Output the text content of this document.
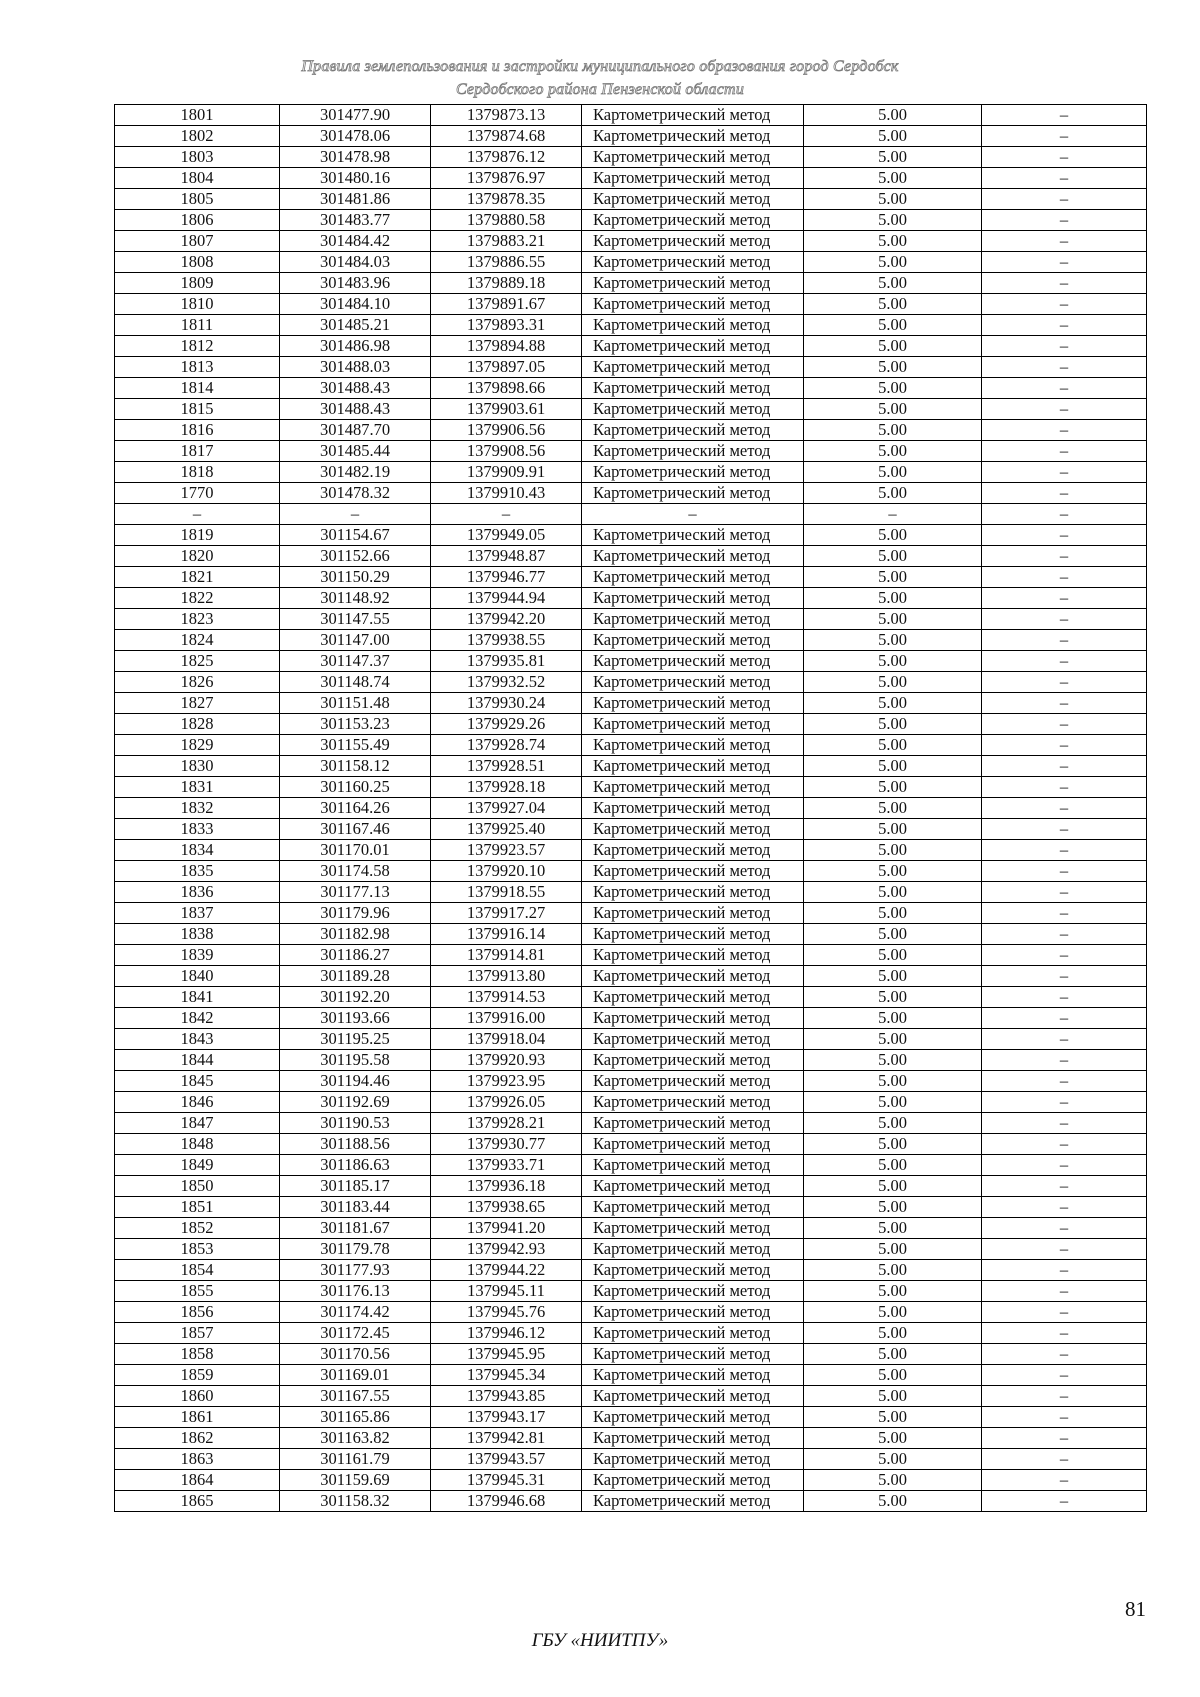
Правила землепользования и застройки муниципального образования город Сердобск
Сердобского района Пензенской области
1801	301477.90	1379873.13	Картометрический метод	5.00	–
1802	301478.06	1379874.68	Картометрический метод	5.00	–
1803	301478.98	1379876.12	Картометрический метод	5.00	–
1804	301480.16	1379876.97	Картометрический метод	5.00	–
1805	301481.86	1379878.35	Картометрический метод	5.00	–
1806	301483.77	1379880.58	Картометрический метод	5.00	–
1807	301484.42	1379883.21	Картометрический метод	5.00	–
1808	301484.03	1379886.55	Картометрический метод	5.00	–
1809	301483.96	1379889.18	Картометрический метод	5.00	–
1810	301484.10	1379891.67	Картометрический метод	5.00	–
1811	301485.21	1379893.31	Картометрический метод	5.00	–
1812	301486.98	1379894.88	Картометрический метод	5.00	–
1813	301488.03	1379897.05	Картометрический метод	5.00	–
1814	301488.43	1379898.66	Картометрический метод	5.00	–
1815	301488.43	1379903.61	Картометрический метод	5.00	–
1816	301487.70	1379906.56	Картометрический метод	5.00	–
1817	301485.44	1379908.56	Картометрический метод	5.00	–
1818	301482.19	1379909.91	Картометрический метод	5.00	–
1770	301478.32	1379910.43	Картометрический метод	5.00	–
–	–	–	–	–	–
1819	301154.67	1379949.05	Картометрический метод	5.00	–
1820	301152.66	1379948.87	Картометрический метод	5.00	–
1821	301150.29	1379946.77	Картометрический метод	5.00	–
1822	301148.92	1379944.94	Картометрический метод	5.00	–
1823	301147.55	1379942.20	Картометрический метод	5.00	–
1824	301147.00	1379938.55	Картометрический метод	5.00	–
1825	301147.37	1379935.81	Картометрический метод	5.00	–
1826	301148.74	1379932.52	Картометрический метод	5.00	–
1827	301151.48	1379930.24	Картометрический метод	5.00	–
1828	301153.23	1379929.26	Картометрический метод	5.00	–
1829	301155.49	1379928.74	Картометрический метод	5.00	–
1830	301158.12	1379928.51	Картометрический метод	5.00	–
1831	301160.25	1379928.18	Картометрический метод	5.00	–
1832	301164.26	1379927.04	Картометрический метод	5.00	–
1833	301167.46	1379925.40	Картометрический метод	5.00	–
1834	301170.01	1379923.57	Картометрический метод	5.00	–
1835	301174.58	1379920.10	Картометрический метод	5.00	–
1836	301177.13	1379918.55	Картометрический метод	5.00	–
1837	301179.96	1379917.27	Картометрический метод	5.00	–
1838	301182.98	1379916.14	Картометрический метод	5.00	–
1839	301186.27	1379914.81	Картометрический метод	5.00	–
1840	301189.28	1379913.80	Картометрический метод	5.00	–
1841	301192.20	1379914.53	Картометрический метод	5.00	–
1842	301193.66	1379916.00	Картометрический метод	5.00	–
1843	301195.25	1379918.04	Картометрический метод	5.00	–
1844	301195.58	1379920.93	Картометрический метод	5.00	–
1845	301194.46	1379923.95	Картометрический метод	5.00	–
1846	301192.69	1379926.05	Картометрический метод	5.00	–
1847	301190.53	1379928.21	Картометрический метод	5.00	–
1848	301188.56	1379930.77	Картометрический метод	5.00	–
1849	301186.63	1379933.71	Картометрический метод	5.00	–
1850	301185.17	1379936.18	Картометрический метод	5.00	–
1851	301183.44	1379938.65	Картометрический метод	5.00	–
1852	301181.67	1379941.20	Картометрический метод	5.00	–
1853	301179.78	1379942.93	Картометрический метод	5.00	–
1854	301177.93	1379944.22	Картометрический метод	5.00	–
1855	301176.13	1379945.11	Картометрический метод	5.00	–
1856	301174.42	1379945.76	Картометрический метод	5.00	–
1857	301172.45	1379946.12	Картометрический метод	5.00	–
1858	301170.56	1379945.95	Картометрический метод	5.00	–
1859	301169.01	1379945.34	Картометрический метод	5.00	–
1860	301167.55	1379943.85	Картометрический метод	5.00	–
1861	301165.86	1379943.17	Картометрический метод	5.00	–
1862	301163.82	1379942.81	Картометрический метод	5.00	–
1863	301161.79	1379943.57	Картометрический метод	5.00	–
1864	301159.69	1379945.31	Картометрический метод	5.00	–
1865	301158.32	1379946.68	Картометрический метод	5.00	–
81
ГБУ «НИИТПУ»
